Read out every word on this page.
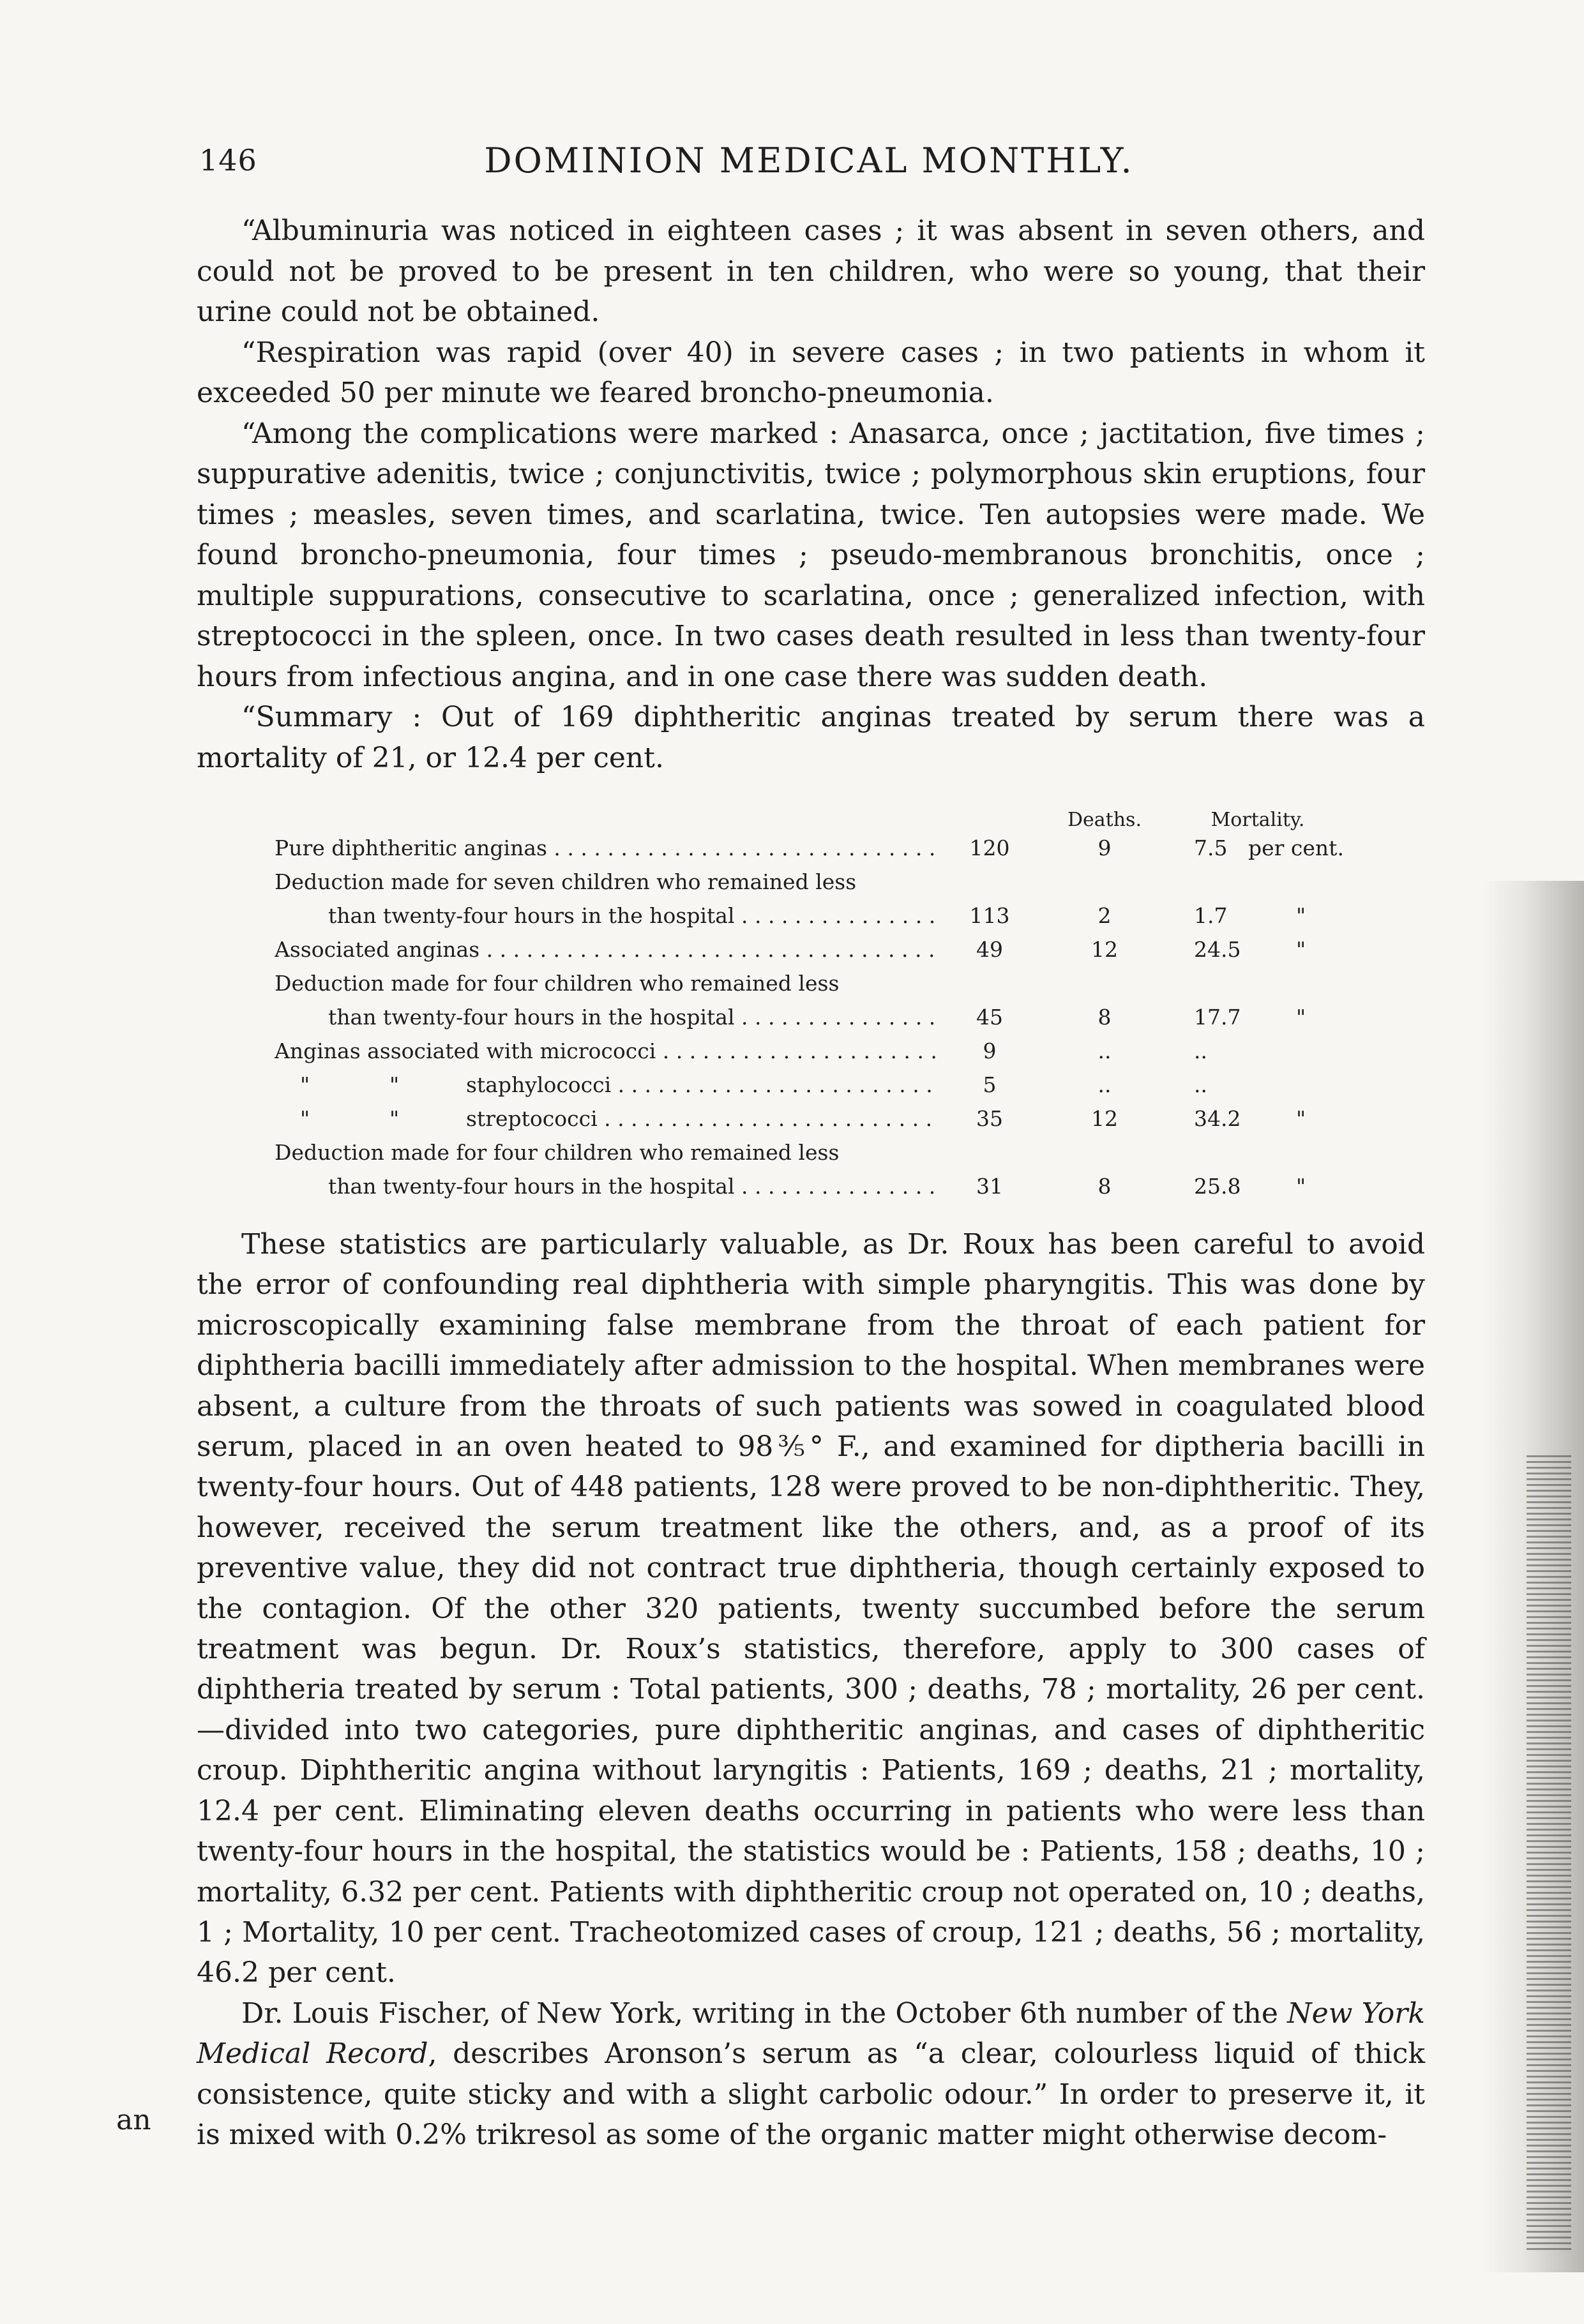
146	DOMINION MEDICAL MONTHLY.

“Albuminuria was noticed in eighteen cases ; it was absent in seven others, and could not be proved to be present in ten children, who were so young, that their urine could not be obtained.

“Respiration was rapid (over 40) in severe cases ; in two patients in whom it exceeded 50 per minute we feared broncho-pneumonia.

“Among the complications were marked : Anasarca, once ; jactitation, five times ; suppurative adenitis, twice ; conjunctivitis, twice ; polymorphous skin eruptions, four times ; measles, seven times, and scarlatina, twice. Ten autopsies were made. We found broncho-pneumonia, four times ; pseudo-membranous bronchitis, once ; multiple suppurations, consecutive to scarlatina, once ; generalized infection, with streptococci in the spleen, once. In two cases death resulted in less than twenty-four hours from infectious angina, and in one case there was sudden death.

“Summary : Out of 169 diphtheritic anginas treated by serum there was a mortality of 21, or 12.4 per cent.

Deaths.	Mortality.
Pure diphtheritic anginas . . .	120	9	7.5 per cent.
Deduction made for seven children who remained less
than twenty-four hours in the hospital . . .	113	2	1.7	"
Associated anginas . . .	49	12	24.5	"
Deduction made for four children who remained less
than twenty-four hours in the hospital . . .	45	8	17.7	"
Anginas associated with micrococci . . .	9	..	..
"	"	staphylococci . . .	5	..	..
"	"	streptococci . . .	35	12	34.2	"
Deduction made for four children who remained less
than twenty-four hours in the hospital . . .	31	8	25.8	"

These statistics are particularly valuable, as Dr. Roux has been careful to avoid the error of confounding real diphtheria with simple pharyngitis. This was done by microscopically examining false membrane from the throat of each patient for diphtheria bacilli immediately after admission to the hospital. When membranes were absent, a culture from the throats of such patients was sowed in coagulated blood serum, placed in an oven heated to 98⅗° F., and examined for diptheria bacilli in twenty-four hours. Out of 448 patients, 128 were proved to be non-diphtheritic. They, however, received the serum treatment like the others, and, as a proof of its preventive value, they did not contract true diphtheria, though certainly exposed to the contagion. Of the other 320 patients, twenty succumbed before the serum treatment was begun. Dr. Roux’s statistics, therefore, apply to 300 cases of diphtheria treated by serum : Total patients, 300 ; deaths, 78 ; mortality, 26 per cent. —divided into two categories, pure diphtheritic anginas, and cases of diphtheritic croup. Diphtheritic angina without laryngitis : Patients, 169 ; deaths, 21 ; mortality, 12.4 per cent. Eliminating eleven deaths occurring in patients who were less than twenty-four hours in the hospital, the statistics would be : Patients, 158 ; deaths, 10 ; mortality, 6.32 per cent. Patients with diphtheritic croup not operated on, 10 ; deaths, 1 ; Mortality, 10 per cent. Tracheotomized cases of croup, 121 ; deaths, 56 ; mortality, 46.2 per cent.

Dr. Louis Fischer, of New York, writing in the October 6th number of the New York Medical Record, describes Aronson’s serum as “a clear, colourless liquid of thick consistence, quite sticky and with a slight carbolic odour.” In order to preserve it, it is mixed with 0.2% trikresol as some of the organic matter might otherwise decom-

an
